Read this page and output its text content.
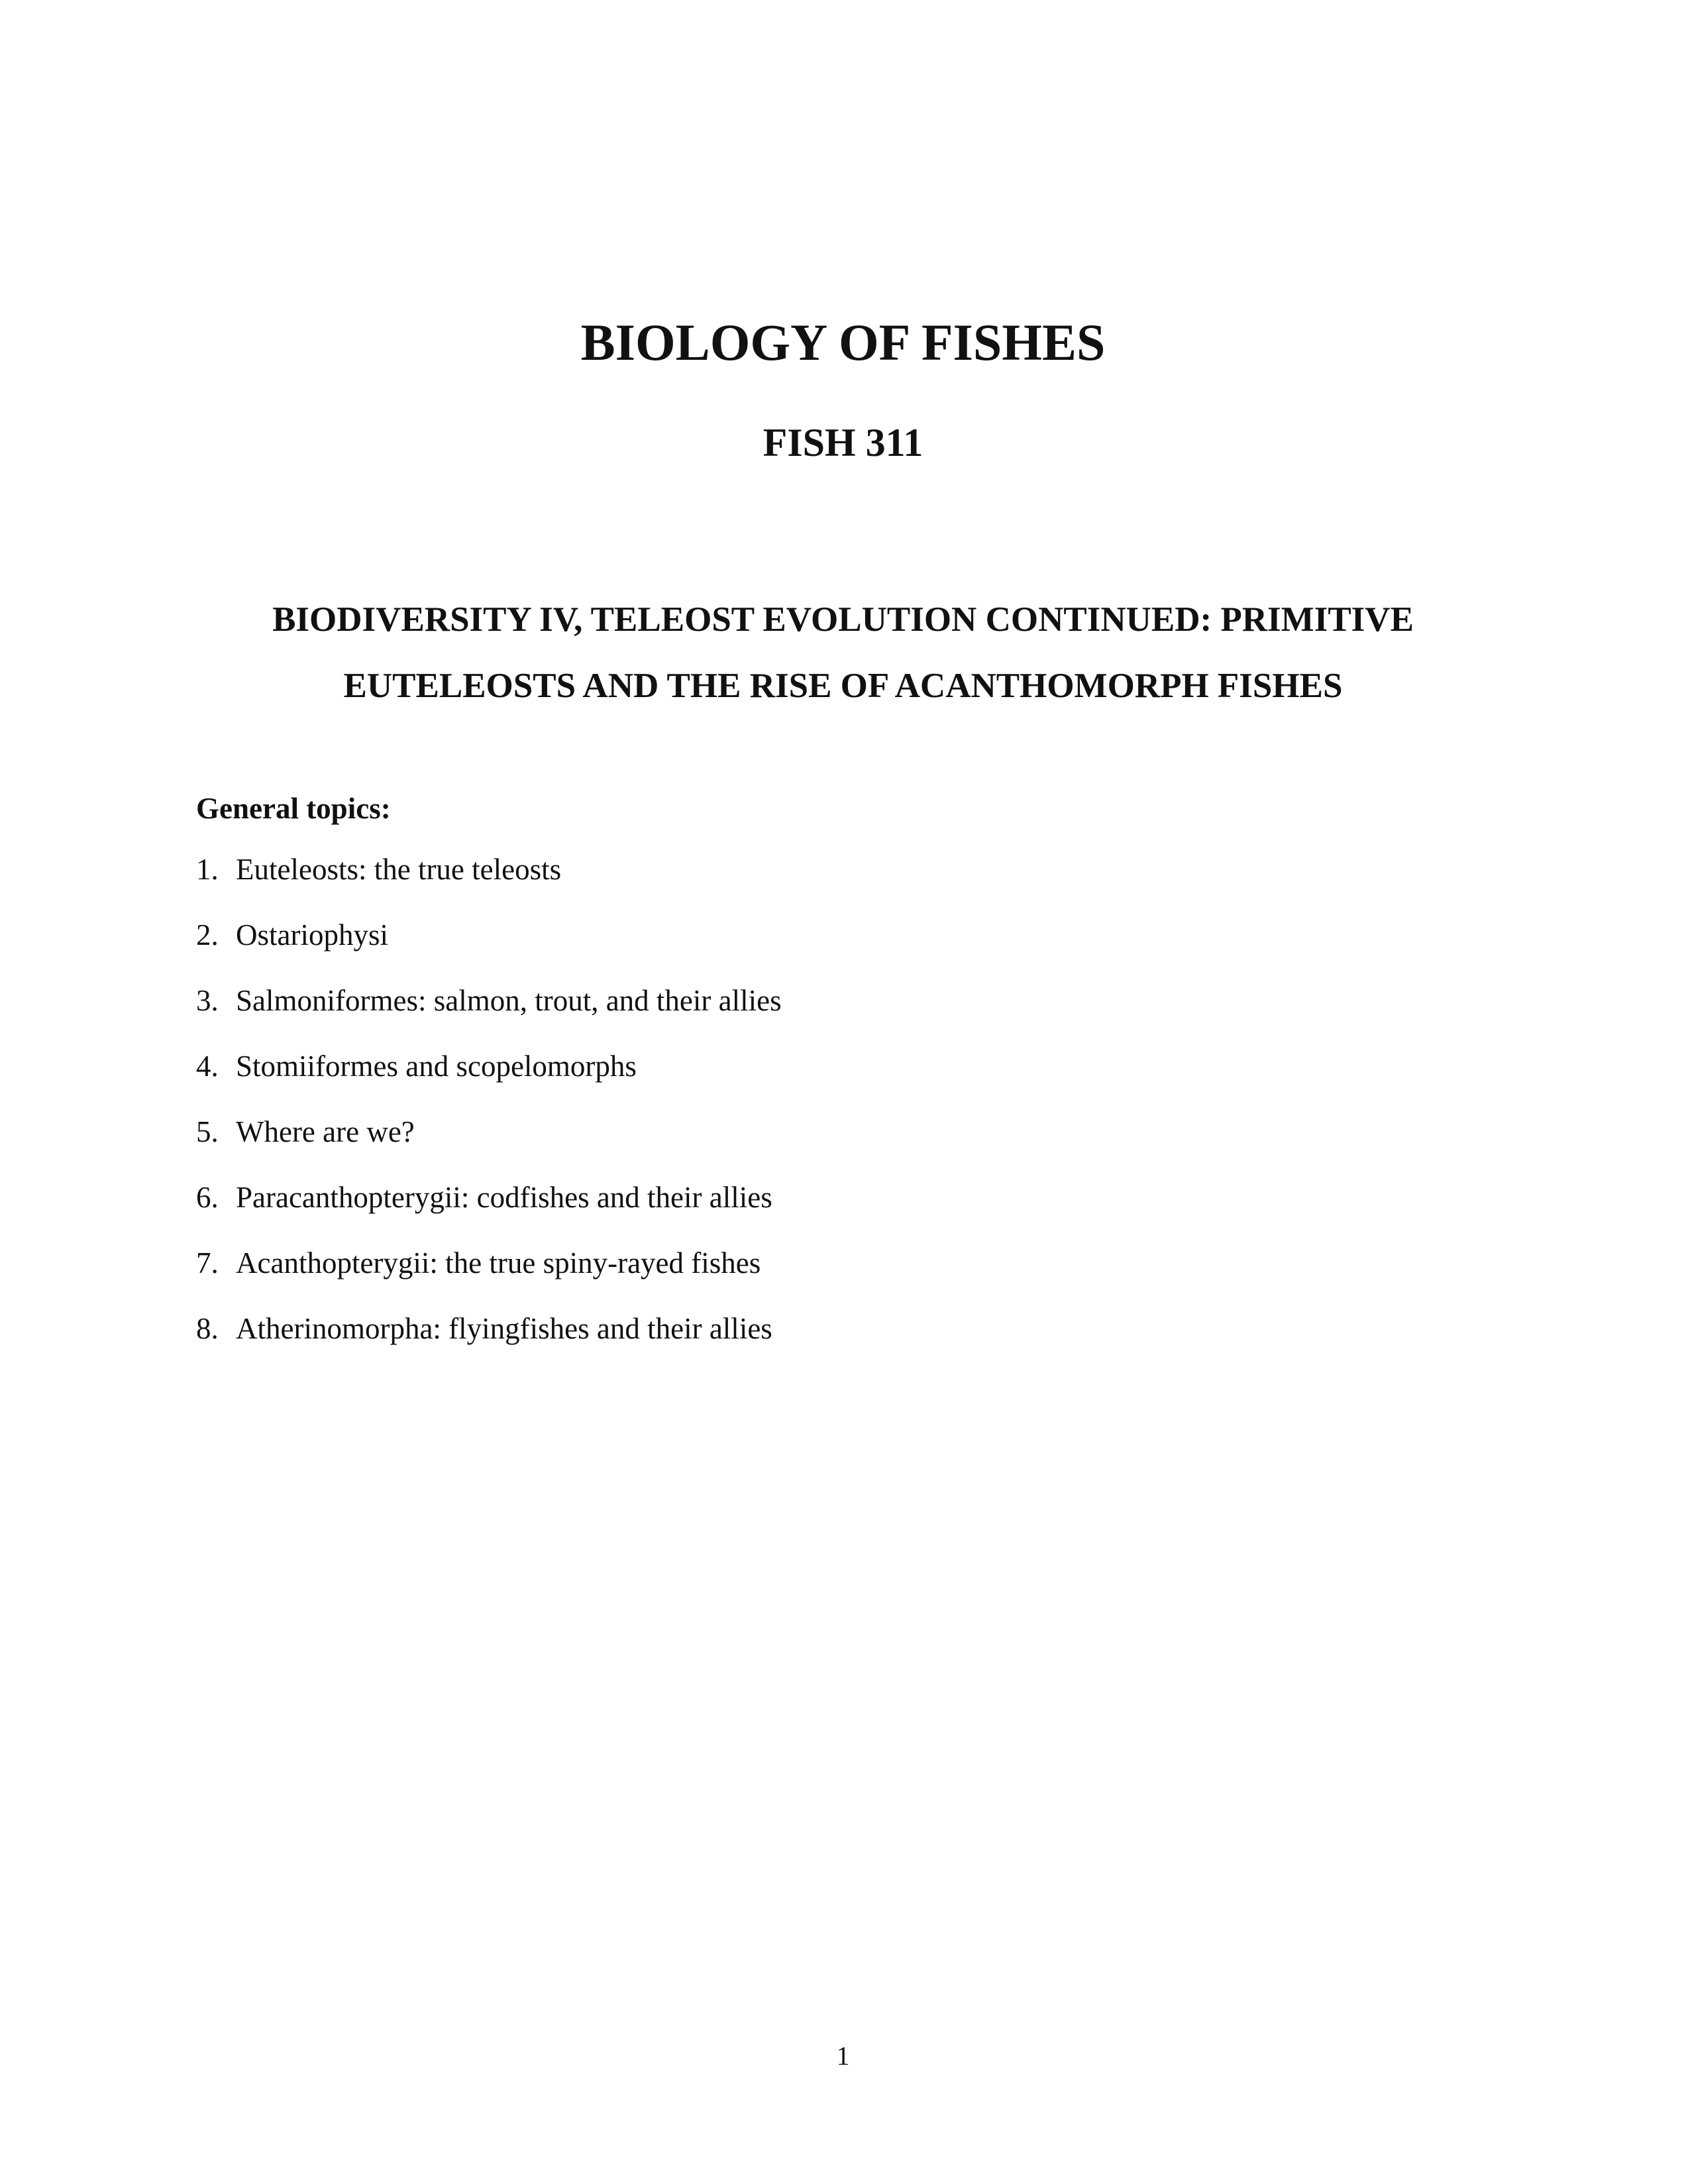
BIOLOGY OF FISHES
FISH 311
BIODIVERSITY IV, TELEOST EVOLUTION CONTINUED: PRIMITIVE
EUTELEOSTS AND THE RISE OF ACANTHOMORPH FISHES

General topics:

1. Euteleosts: the true teleosts
2. Ostariophysi
3. Salmoniformes: salmon, trout, and their allies
4. Stomiiformes and scopelomorphs
5. Where are we?
6. Paracanthopterygii: codfishes and their allies
7. Acanthopterygii: the true spiny-rayed fishes
8. Atherinomorpha: flyingfishes and their allies
1
